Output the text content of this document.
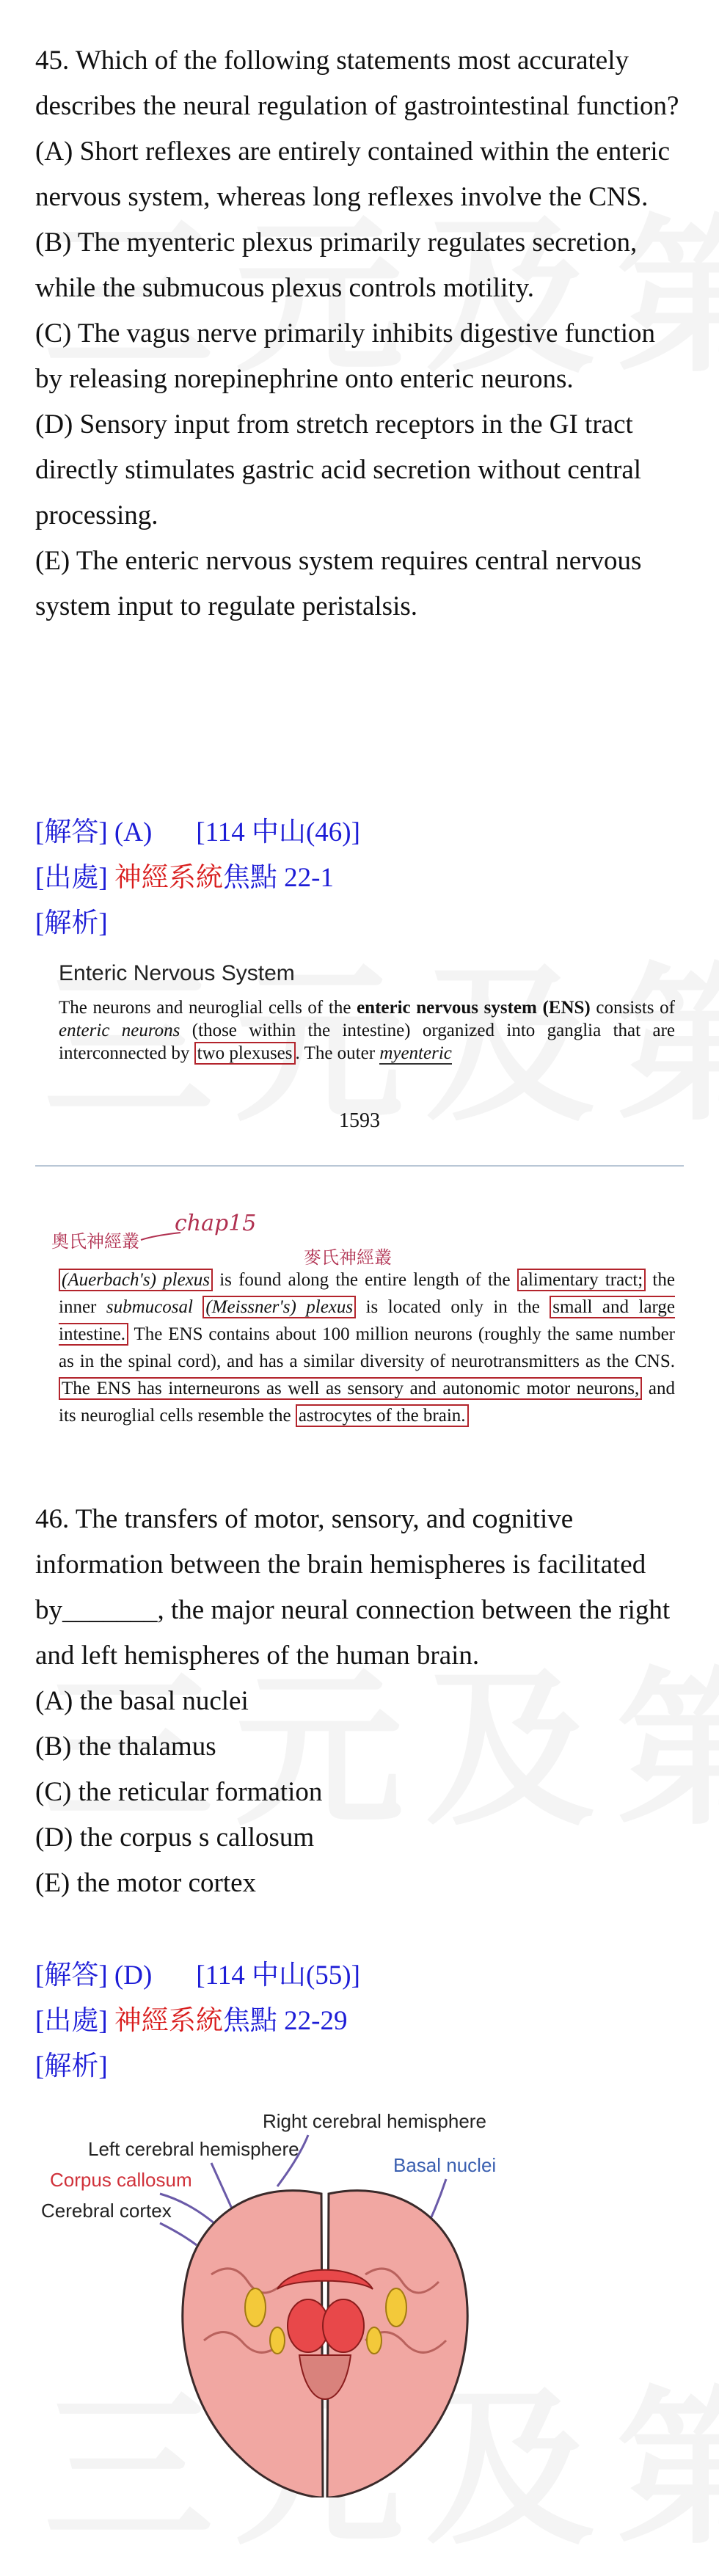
45. Which of the following statements most accurately describes the neural regulation of gastrointestinal function?

(A) Short reflexes are entirely contained within the enteric nervous system, whereas long reflexes involve the CNS.

(B) The myenteric plexus primarily regulates secretion, while the submucous plexus controls motility.

(C) The vagus nerve primarily inhibits digestive function by releasing norepinephrine onto enteric neurons.

(D) Sensory input from stretch receptors in the GI tract directly stimulates gastric acid secretion without central processing.

(E) The enteric nervous system requires central nervous system input to regulate peristalsis.

[解答] (A) [114 中山(46)]
[出處] 神經系統焦點 22-1
[解析]
Enteric Nervous System
The neurons and neuroglial cells of the enteric nervous system (ENS) consists of enteric neurons (those within the intestine) organized into ganglia that are interconnected by two plexuses . The outer myenteric
1593
奧氏神經叢
chap15
麥氏神經叢
(Auerbach's) plexus is found along the entire length of the alimentary tract; the inner submucosal (Meissner's) plexus is located only in the small and large intestine. The ENS contains about 100 million neurons (roughly the same number as in the spinal cord), and has a similar diversity of neurotransmitters as the CNS. The ENS has interneurons as well as sensory and autonomic motor neurons, and its neuroglial cells resemble the astrocytes of the brain.

46. The transfers of motor, sensory, and cognitive information between the brain hemispheres is facilitated by_______, the major neural connection between the right and left hemispheres of the human brain.

(A) the basal nuclei

(B) the thalamus

(C) the reticular formation

(D) the corpus s callosum

(E) the motor cortex

[解答] (D) [114 中山(55)]
[出處] 神經系統焦點 22-29
[解析]
Right cerebral hemisphere
Left cerebral hemisphere
Corpus callosum
Basal nuclei
Cerebral cortex
